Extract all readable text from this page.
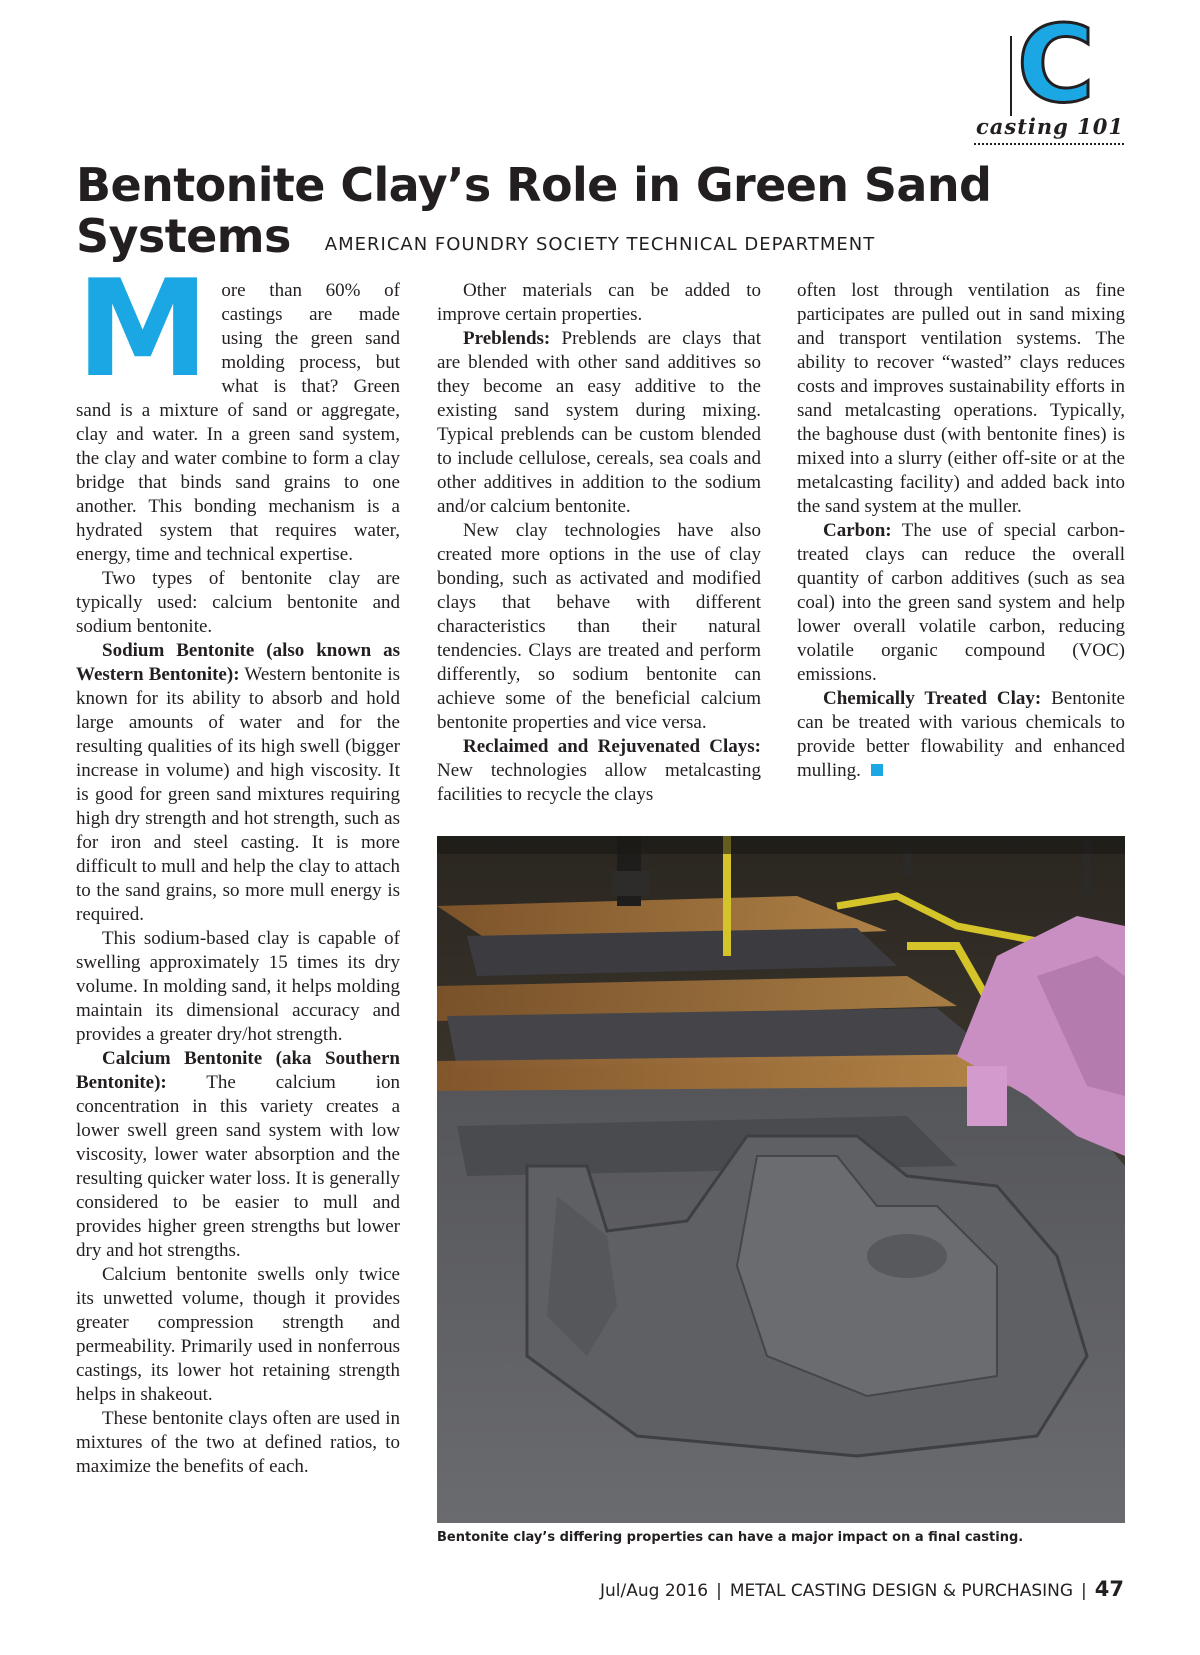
C
casting 101
Bentonite Clay’s Role in Green Sand Systems	AMERICAN FOUNDRY SOCIETY TECHNICAL DEPARTMENT

More than 60% of castings are made using the green sand molding process, but what is that? Green sand is a mixture of sand or aggregate, clay and water. In a green sand system, the clay and water combine to form a clay bridge that binds sand grains to one another. This bonding mechanism is a hydrated system that requires water, energy, time and technical expertise.

Two types of bentonite clay are typically used: calcium bentonite and sodium bentonite.

Sodium Bentonite (also known as Western Bentonite): Western bentonite is known for its ability to absorb and hold large amounts of water and for the resulting qualities of its high swell (bigger increase in volume) and high viscosity. It is good for green sand mixtures requiring high dry strength and hot strength, such as for iron and steel casting. It is more difficult to mull and help the clay to attach to the sand grains, so more mull energy is required.

This sodium-based clay is capable of swelling approximately 15 times its dry volume. In molding sand, it helps molding maintain its dimensional accuracy and provides a greater dry/hot strength.

Calcium Bentonite (aka Southern Bentonite): The calcium ion concentration in this variety creates a lower swell green sand system with low viscosity, lower water absorption and the resulting quicker water loss. It is generally considered to be easier to mull and provides higher green strengths but lower dry and hot strengths.

Calcium bentonite swells only twice its unwetted volume, though it provides greater compression strength and permeability. Primarily used in nonferrous castings, its lower hot retaining strength helps in shakeout.

These bentonite clays often are used in mixtures of the two at defined ratios, to maximize the benefits of each.

Other materials can be added to improve certain properties.

Preblends: Preblends are clays that are blended with other sand additives so they become an easy additive to the existing sand system during mixing. Typical preblends can be custom blended to include cellulose, cereals, sea coals and other additives in addition to the sodium and/or calcium bentonite.

New clay technologies have also created more options in the use of clay bonding, such as activated and modified clays that behave with different characteristics than their natural tendencies. Clays are treated and perform differently, so sodium bentonite can achieve some of the beneficial calcium bentonite properties and vice versa.

Reclaimed and Rejuvenated Clays: New technologies allow metalcasting facilities to recycle the clays

often lost through ventilation as fine participates are pulled out in sand mixing and transport ventilation systems. The ability to recover “wasted” clays reduces costs and improves sustainability efforts in sand metalcasting operations. Typically, the baghouse dust (with bentonite fines) is mixed into a slurry (either off-site or at the metalcasting facility) and added back into the sand system at the muller.

Carbon: The use of special carbon-treated clays can reduce the overall quantity of carbon additives (such as sea coal) into the green sand system and help lower overall volatile carbon, reducing volatile organic compound (VOC) emissions.

Chemically Treated Clay: Bentonite can be treated with various chemicals to provide better flowability and enhanced mulling.

Bentonite clay’s differing properties can have a major impact on a final casting.
Jul/Aug 2016 | METAL CASTING DESIGN & PURCHASING | 47
